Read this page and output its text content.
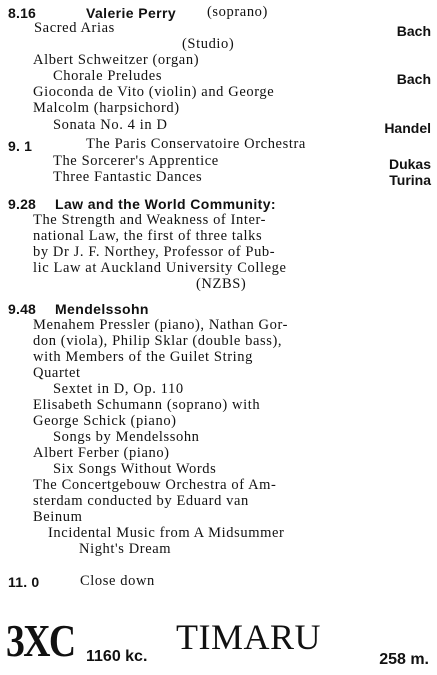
8.16	Valerie Perry (soprano)
Sacred Arias	Bach
(Studio)
Albert Schweitzer (organ)
Chorale Preludes	Bach
Gioconda de Vito (violin) and George
Malcolm (harpsichord)
Sonata No. 4 in D	Handel
9. 1	The Paris Conservatoire Orchestra
The Sorcerer's Apprentice	Dukas
Three Fantastic Dances	Turina
9.28 Law and the World Community:
The Strength and Weakness of Inter-
national Law, the first of three talks
by Dr J. F. Northey, Professor of Pub-
lic Law at Auckland University College
(NZBS)
9.48 Mendelssohn
Menahem Pressler (piano), Nathan Gor-
don (viola), Philip Sklar (double bass),
with Members of the Guilet String
Quartet
Sextet in D, Op. 110
Elisabeth Schumann (soprano) with
George Schick (piano)
Songs by Mendelssohn
Albert Ferber (piano)
Six Songs Without Words
The Concertgebouw Orchestra of Am-
sterdam conducted by Eduard van
Beinum
Incidental Music from A Midsummer
Night's Dream
11. 0	Close down
3XC 1160 kc. TIMARU
258 m.
